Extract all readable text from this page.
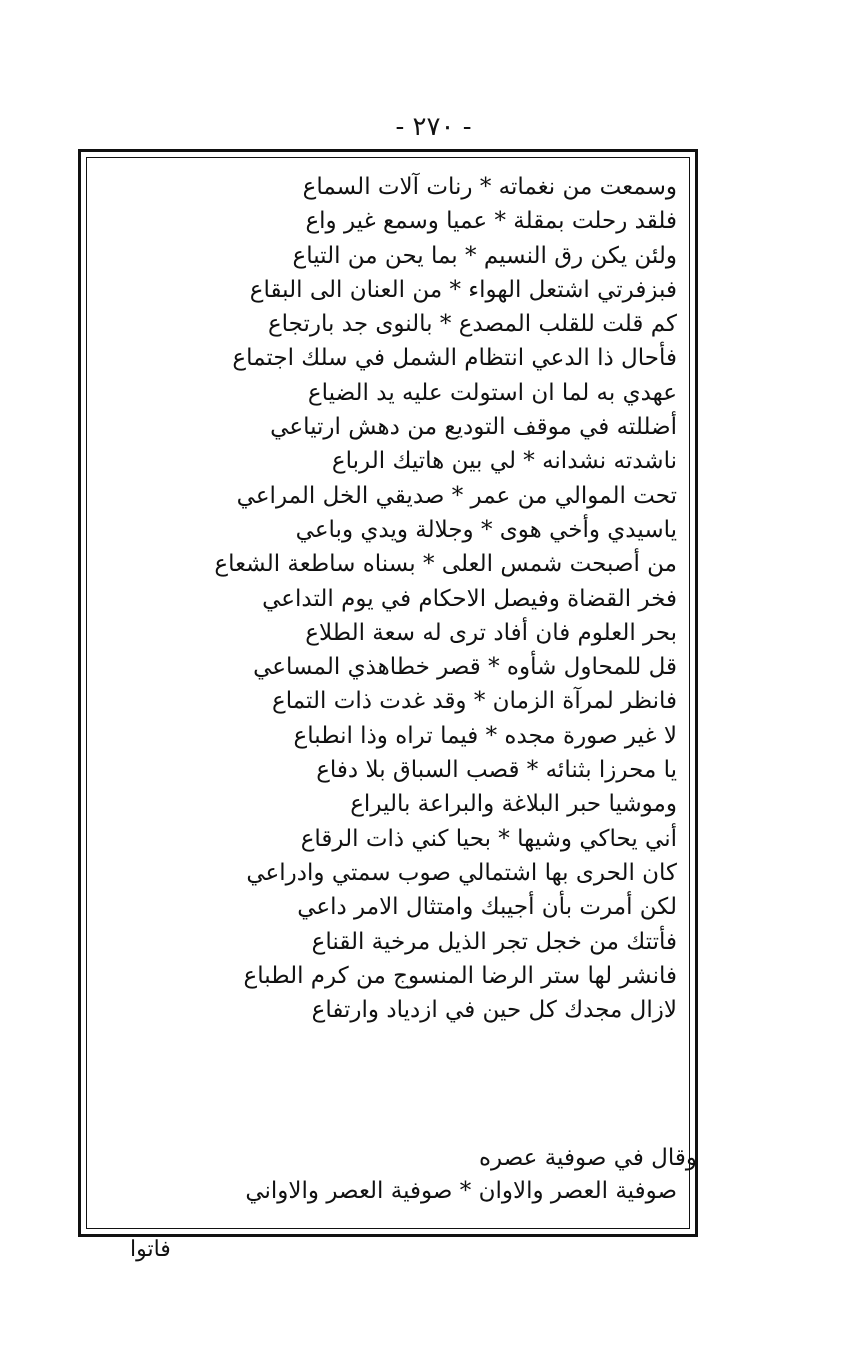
- ٢٧٠ -
وسمعت من نغماته * رنات آلات السماع
فلقد رحلت بمقلة * عميا وسمع غير واع
ولئن يكن رق النسيم * بما يحن من التياع
فبزفرتي اشتعل الهواء * من العنان الى البقاع
كم قلت للقلب المصدع * بالنوى جد بارتجاع
فأحال ذا الدعي انتظام الشمل في سلك اجتماع
عهدي به لما ان استولت عليه يد الضياع
أضللته في موقف التوديع من دهش ارتياعي
ناشدته نشدانه * لي بين هاتيك الرباع
تحت الموالي من عمر * صديقي الخل المراعي
ياسيدي وأخي هوى * وجلالة ويدي وباعي
من أصبحت شمس العلى * بسناه ساطعة الشعاع
فخر القضاة وفيصل الاحكام في يوم التداعي
بحر العلوم فان أفاد ترى له سعة الطلاع
قل للمحاول شأوه * قصر خطاهذي المساعي
فانظر لمرآة الزمان * وقد غدت ذات التماع
لا غير صورة مجده * فيما تراه وذا انطباع
يا محرزا بثنائه * قصب السباق بلا دفاع
وموشيا حبر البلاغة والبراعة باليراع
أني يحاكي وشيها * بحيا كني ذات الرقاع
كان الحرى بها اشتمالي صوب سمتي وادراعي
لكن أمرت بأن أجيبك وامتثال الامر داعي
فأتتك من خجل تجر الذيل مرخية القناع
فانشر لها ستر الرضا المنسوج من كرم الطباع
لازال مجدك كل حين في ازدياد وارتفاع
وقال في صوفية عصره
صوفية العصر والاوان * صوفية العصر والاواني
فاتوا
